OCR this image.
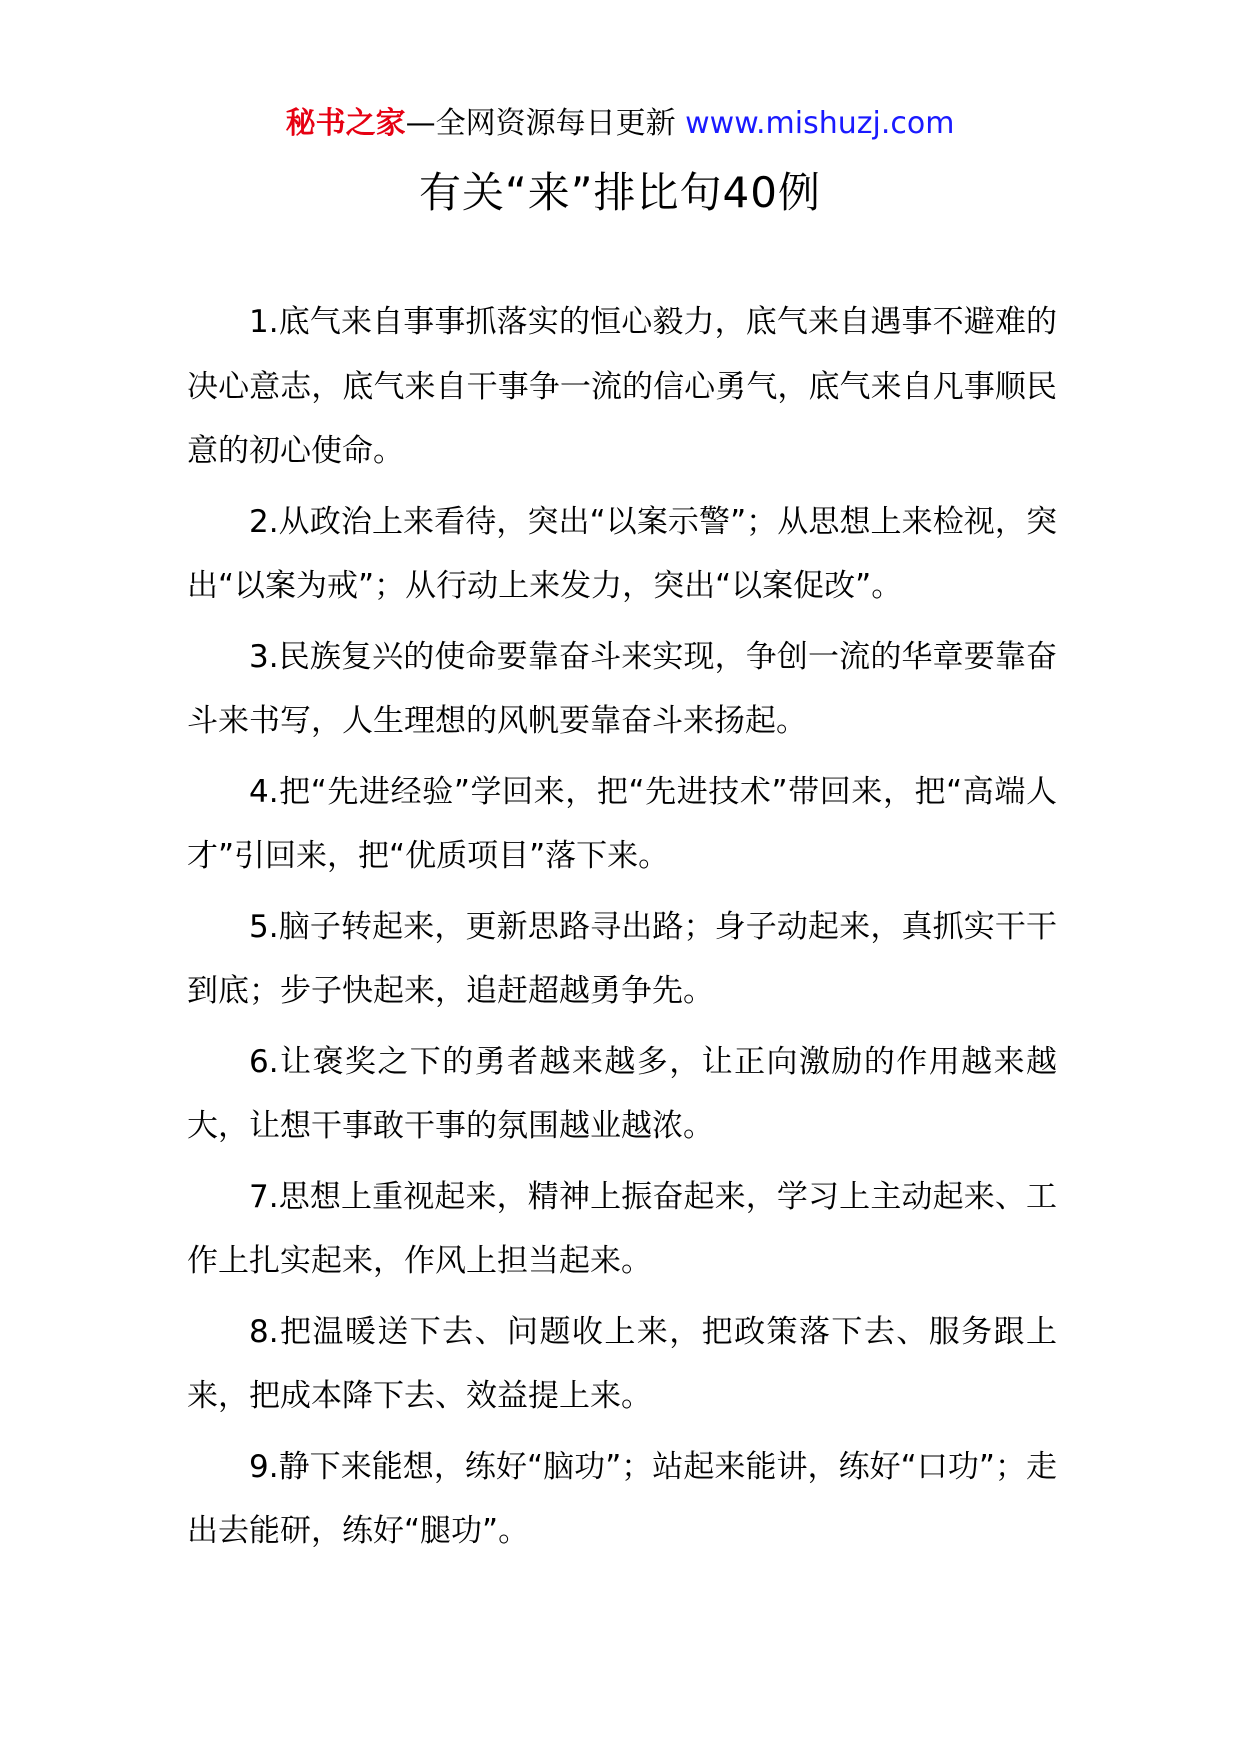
秘书之家—全网资源每日更新 www.mishuzj.com
有关“来”排比句40例

1.底气来自事事抓落实的恒心毅力，底气来自遇事不避难的决心意志，底气来自干事争一流的信心勇气，底气来自凡事顺民意的初心使命。

2.从政治上来看待，突出“以案示警”；从思想上来检视，突出“以案为戒”；从行动上来发力，突出“以案促改”。

3.民族复兴的使命要靠奋斗来实现，争创一流的华章要靠奋斗来书写，人生理想的风帆要靠奋斗来扬起。

4.把“先进经验”学回来，把“先进技术”带回来，把“高端人才”引回来，把“优质项目”落下来。

5.脑子转起来，更新思路寻出路；身子动起来，真抓实干干到底；步子快起来，追赶超越勇争先。

6.让褒奖之下的勇者越来越多，让正向激励的作用越来越大，让想干事敢干事的氛围越业越浓。

7.思想上重视起来，精神上振奋起来，学习上主动起来、工作上扎实起来，作风上担当起来。

8.把温暖送下去、问题收上来，把政策落下去、服务跟上来，把成本降下去、效益提上来。

9.静下来能想，练好“脑功”；站起来能讲，练好“口功”；走出去能研，练好“腿功”。
